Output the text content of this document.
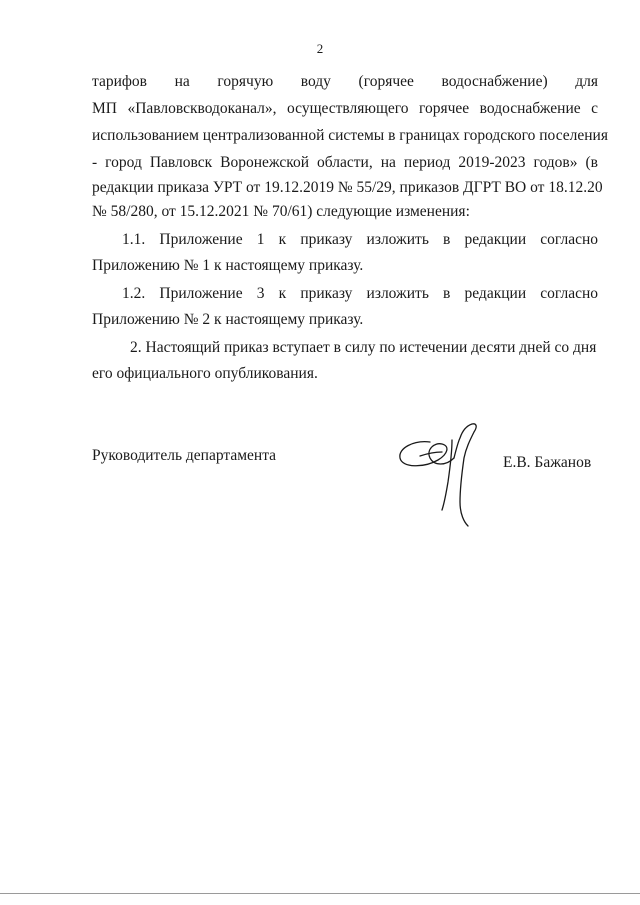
2
тарифов на горячую воду (горячее водоснабжение) для
МП «Павловскводоканал», осуществляющего горячее водоснабжение с
использованием централизованной системы в границах городского поселения
- город Павловск Воронежской области, на период 2019-2023 годов» (в
редакции приказа УРТ от 19.12.2019 № 55/29, приказов ДГРТ ВО от 18.12.20
№ 58/280, от 15.12.2021 № 70/61) следующие изменения:
1.1. Приложение 1 к приказу изложить в редакции согласно
Приложению № 1 к настоящему приказу.
1.2. Приложение 3 к приказу изложить в редакции согласно
Приложению № 2 к настоящему приказу.
2. Настоящий приказ вступает в силу по истечении десяти дней со дня
его официального опубликования.
Руководитель департамента	Е.В. Бажанов
